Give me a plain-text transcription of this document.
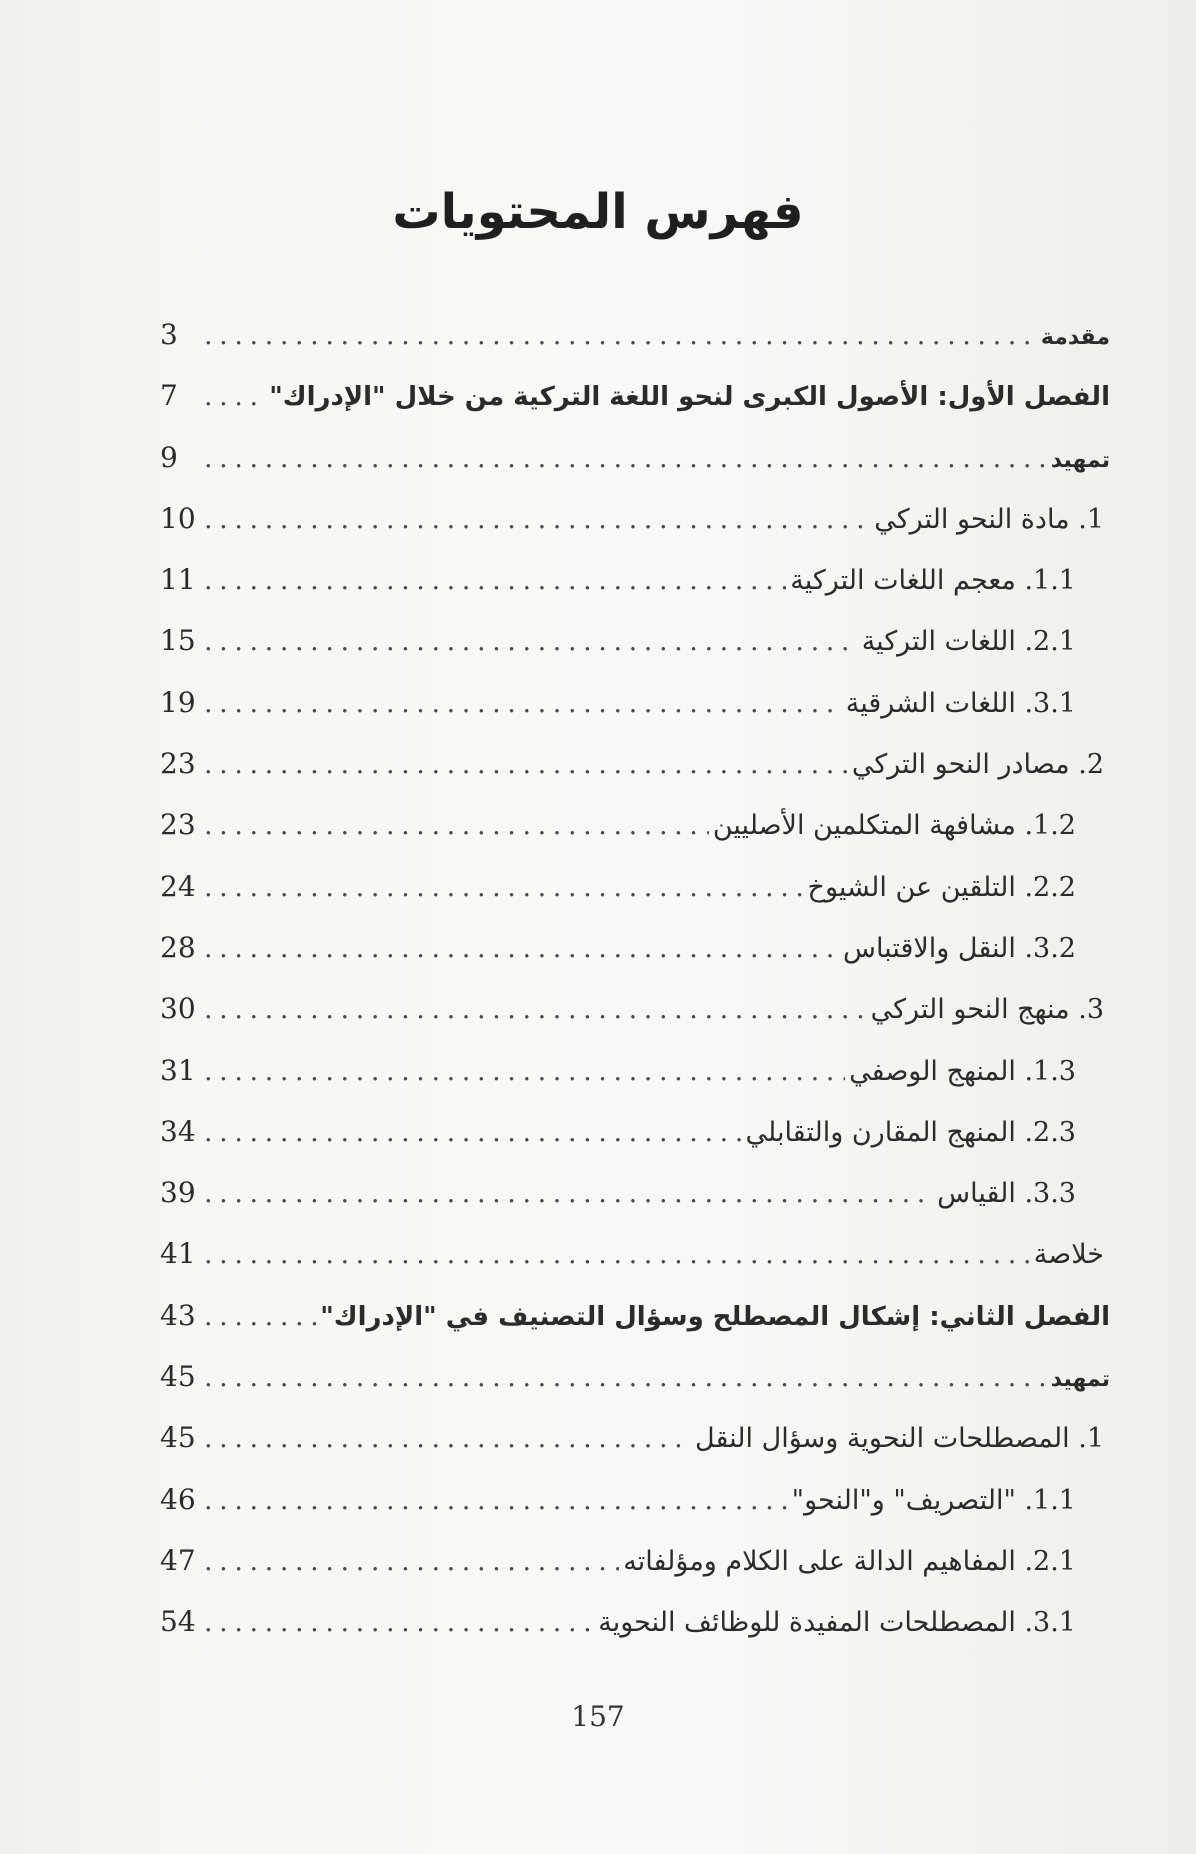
فهرس المحتويات
مقدمة
. . .
3
الفصل الأول: الأصول الكبرى لنحو اللغة التركية من خلال "الإدراك"
. . .
7
تمهيد
. . .
9
1. مادة النحو التركي
. . .
10
1.1. معجم اللغات التركية
. . .
11
2.1. اللغات التركية
. . .
15
3.1. اللغات الشرقية
. . .
19
2. مصادر النحو التركي
. . .
23
1.2. مشافهة المتكلمين الأصليين
. . .
23
2.2. التلقين عن الشيوخ
. . .
24
3.2. النقل والاقتباس
. . .
28
3. منهج النحو التركي
. . .
30
1.3. المنهج الوصفي
. . .
31
2.3. المنهج المقارن والتقابلي
. . .
34
3.3. القياس
. . .
39
خلاصة
. . .
41
الفصل الثاني: إشكال المصطلح وسؤال التصنيف في "الإدراك"
. . .
43
تمهيد
. . .
45
1. المصطلحات النحوية وسؤال النقل
. . .
45
1.1. "التصريف" و"النحو"
. . .
46
2.1. المفاهيم الدالة على الكلام ومؤلفاته
. . .
47
3.1. المصطلحات المفيدة للوظائف النحوية
. . .
54
157
